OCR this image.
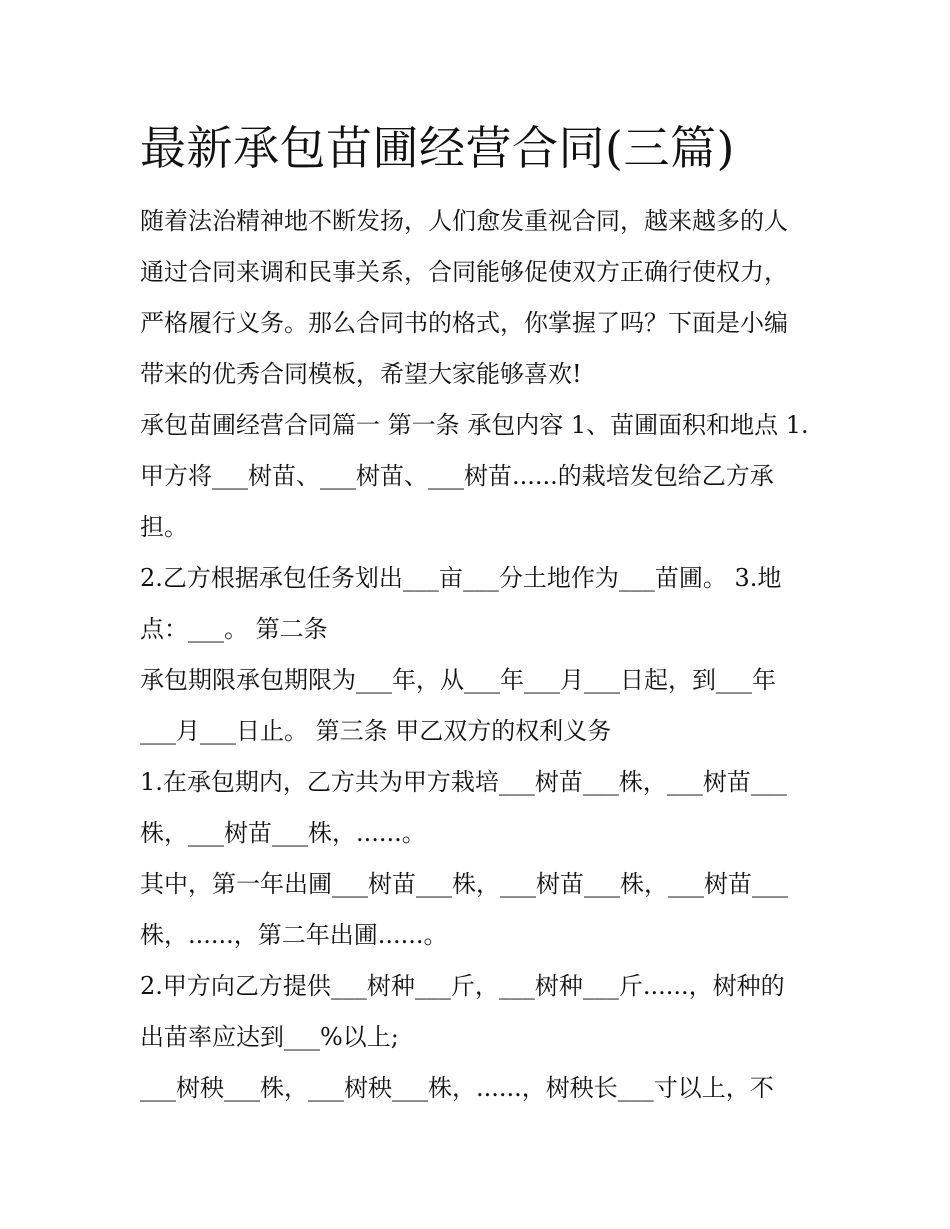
最新承包苗圃经营合同(三篇)

随着法治精神地不断发扬，人们愈发重视合同，越来越多的人

通过合同来调和民事关系，合同能够促使双方正确行使权力，

严格履行义务。那么合同书的格式，你掌握了吗？下面是小编

带来的优秀合同模板，希望大家能够喜欢!

承包苗圃经营合同篇一 第一条 承包内容 1、苗圃面积和地点 1.

甲方将___树苗、___树苗、___树苗......的栽培发包给乙方承

担。

2.乙方根据承包任务划出___亩___分土地作为___苗圃。 3.地

点：___。 第二条

承包期限承包期限为___年，从___年___月___日起，到___年

___月___日止。 第三条 甲乙双方的权利义务

1.在承包期内，乙方共为甲方栽培___树苗___株，___树苗___

株，___树苗___株，......。

其中，第一年出圃___树苗___株，___树苗___株，___树苗___

株，......，第二年出圃......。

2.甲方向乙方提供___树种___斤，___树种___斤......，树种的

出苗率应达到___%以上;

___树秧___株，___树秧___株，......，树秧长___寸以上，不
